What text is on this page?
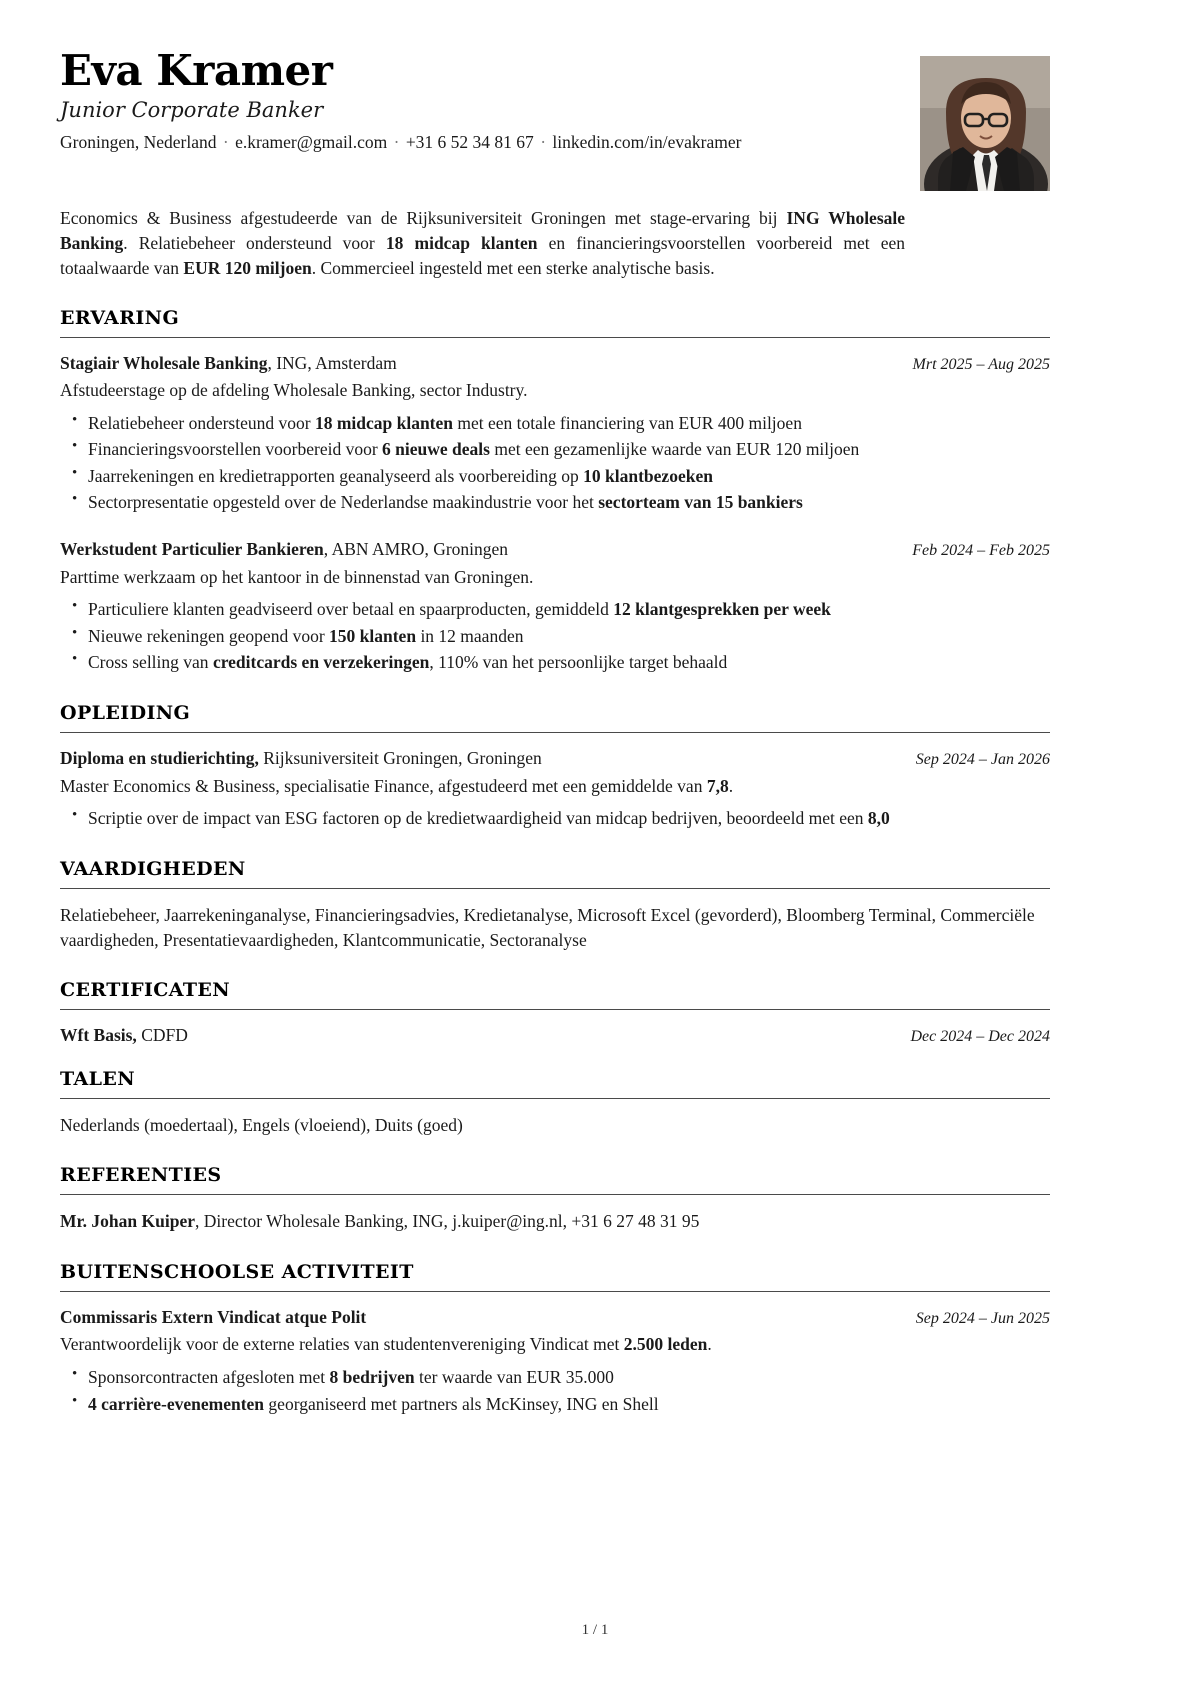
Eva Kramer
Junior Corporate Banker
Groningen, Nederland · e.kramer@gmail.com · +31 6 52 34 81 67 · linkedin.com/in/evakramer
Economics & Business afgestudeerde van de Rijksuniversiteit Groningen met stage-ervaring bij ING Wholesale Banking. Relatiebeheer ondersteund voor 18 midcap klanten en financieringsvoorstellen voorbereid met een totaalwaarde van EUR 120 miljoen. Commercieel ingesteld met een sterke analytische basis.
ERVARING
Stagiair Wholesale Banking, ING, Amsterdam	Mrt 2025 – Aug 2025
Afstudeerstage op de afdeling Wholesale Banking, sector Industry.
• Relatiebeheer ondersteund voor 18 midcap klanten met een totale financiering van EUR 400 miljoen
• Financieringsvoorstellen voorbereid voor 6 nieuwe deals met een gezamenlijke waarde van EUR 120 miljoen
• Jaarrekeningen en kredietrapporten geanalyseerd als voorbereiding op 10 klantbezoeken
• Sectorpresentatie opgesteld over de Nederlandse maakindustrie voor het sectorteam van 15 bankiers
Werkstudent Particulier Bankieren, ABN AMRO, Groningen	Feb 2024 – Feb 2025
Parttime werkzaam op het kantoor in de binnenstad van Groningen.
• Particuliere klanten geadviseerd over betaal en spaarproducten, gemiddeld 12 klantgesprekken per week
• Nieuwe rekeningen geopend voor 150 klanten in 12 maanden
• Cross selling van creditcards en verzekeringen, 110% van het persoonlijke target behaald
OPLEIDING
Diploma en studierichting, Rijksuniversiteit Groningen, Groningen	Sep 2024 – Jan 2026
Master Economics & Business, specialisatie Finance, afgestudeerd met een gemiddelde van 7,8.
• Scriptie over de impact van ESG factoren op de kredietwaardigheid van midcap bedrijven, beoordeeld met een 8,0
VAARDIGHEDEN
Relatiebeheer, Jaarrekeninganalyse, Financieringsadvies, Kredietanalyse, Microsoft Excel (gevorderd), Bloomberg Terminal, Commerciële vaardigheden, Presentatievaardigheden, Klantcommunicatie, Sectoranalyse
CERTIFICATEN
Wft Basis, CDFD	Dec 2024 – Dec 2024
TALEN
Nederlands (moedertaal), Engels (vloeiend), Duits (goed)
REFERENTIES
Mr. Johan Kuiper, Director Wholesale Banking, ING, j.kuiper@ing.nl, +31 6 27 48 31 95
BUITENSCHOOLSE ACTIVITEIT
Commissaris Extern Vindicat atque Polit	Sep 2024 – Jun 2025
Verantwoordelijk voor de externe relaties van studentenvereniging Vindicat met 2.500 leden.
• Sponsorcontracten afgesloten met 8 bedrijven ter waarde van EUR 35.000
• 4 carrière-evenementen georganiseerd met partners als McKinsey, ING en Shell
1 / 1
